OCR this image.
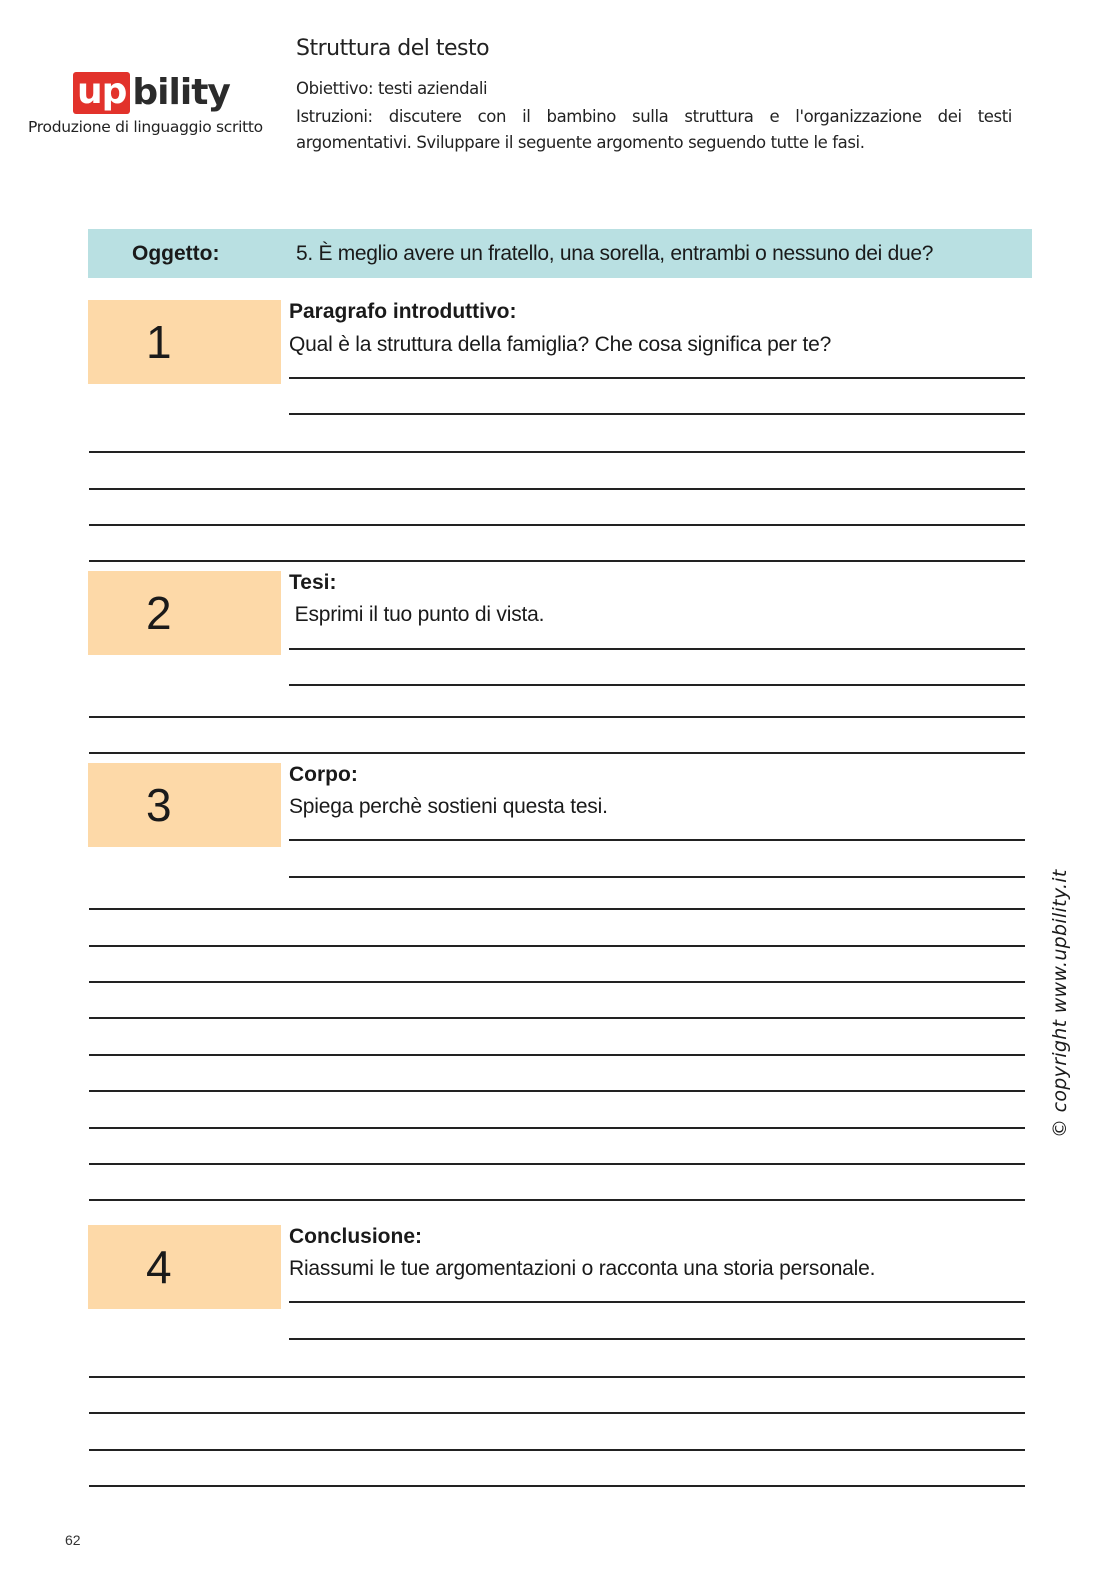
up bility
Produzione di linguaggio scritto
Struttura del testo
Obiettivo: testi aziendali
Istruzioni: discutere con il bambino sulla struttura e l'organizzazione dei testi argomentativi. Sviluppare il seguente argomento seguendo tutte le fasi.
Oggetto:	5. È meglio avere un fratello, una sorella, entrambi o nessuno dei due?
1
Paragrafo introduttivo:
Qual è la struttura della famiglia? Che cosa significa per te?
2
Tesi:
Esprimi il tuo punto di vista.
3
Corpo:
Spiega perchè sostieni questa tesi.
4
Conclusione:
Riassumi le tue argomentazioni o racconta una storia personale.
© copyright www.upbility.it
62
